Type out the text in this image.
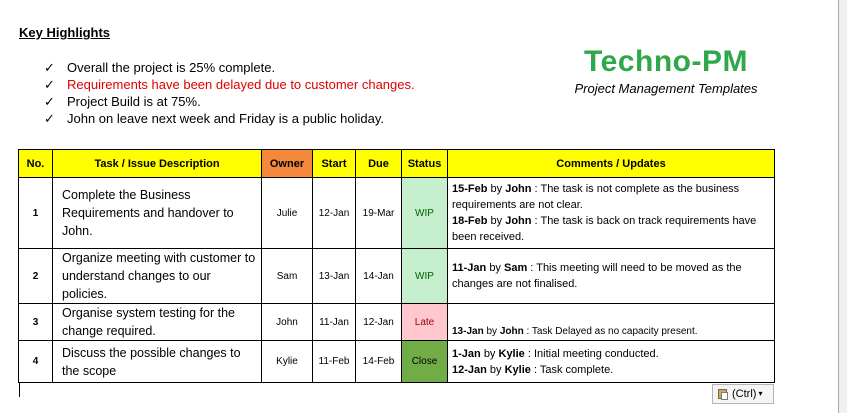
Key Highlights
✓ Overall the project is 25% complete.
✓ Requirements have been delayed due to customer changes.
✓ Project Build is at 75%.
✓ John on leave next week and Friday is a public holiday.
Techno-PM
Project Management Templates
No.	Task / Issue Description	Owner	Start	Due	Status	Comments / Updates
1	Complete the Business Requirements and handover to John.	Julie	12-Jan	19-Mar	WIP	15-Feb by John : The task is not complete as the business requirements are not clear.
18-Feb by John : The task is back on track requirements have been received.

2	Organize meeting with customer to understand changes to our policies.	Sam	13-Jan	14-Jan	WIP	11-Jan by Sam : This meeting will need to be moved as the changes are not finalised.

3	Organise system testing for the change required.	John	11-Jan	12-Jan	Late	13-Jan by John : Task Delayed as no capacity present.

4	Discuss the possible changes to the scope	Kylie	11-Feb	14-Feb	Close	1-Jan by Kylie : Initial meeting conducted.
12-Jan by Kylie : Task complete.
(Ctrl) ▾
